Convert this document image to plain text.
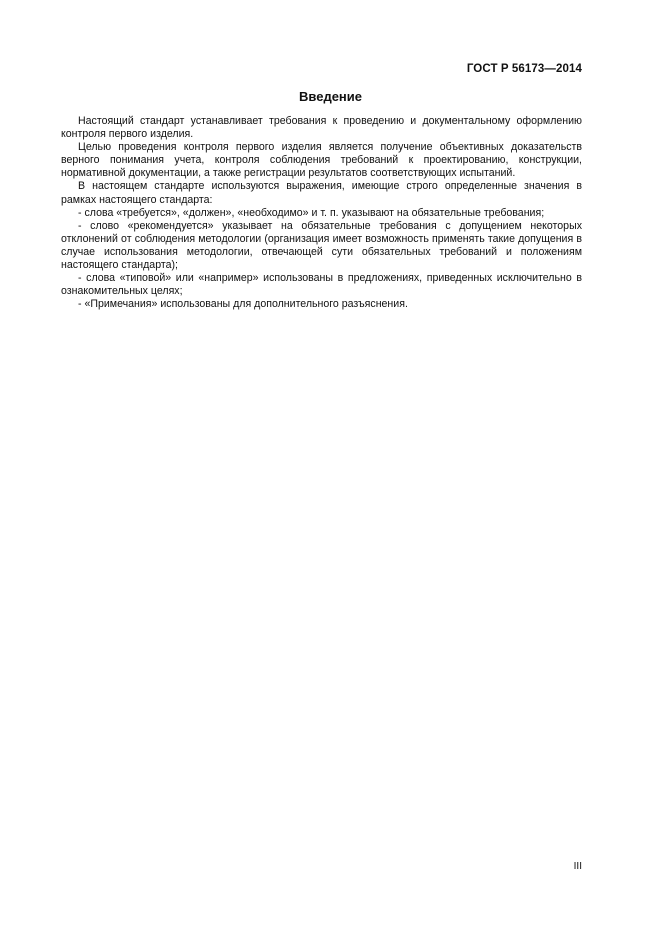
ГОСТ Р 56173—2014
Введение

Настоящий стандарт устанавливает требования к проведению и документальному оформлению контроля первого изделия.

Целью проведения контроля первого изделия является получение объективных доказательств верного понимания учета, контроля соблюдения требований к проектированию, конструкции, нормативной документации, а также регистрации результатов соответствующих испытаний.

В настоящем стандарте используются выражения, имеющие строго определенные значения в рамках настоящего стандарта:

- слова «требуется», «должен», «необходимо» и т. п. указывают на обязательные требования;

- слово «рекомендуется» указывает на обязательные требования с допущением некоторых отклонений от соблюдения методологии (организация имеет возможность применять такие допущения в случае использования методологии, отвечающей сути обязательных требований и положениям настоящего стандарта);

- слова «типовой» или «например» использованы в предложениях, приведенных исключительно в ознакомительных целях;

- «Примечания» использованы для дополнительного разъяснения.

III
